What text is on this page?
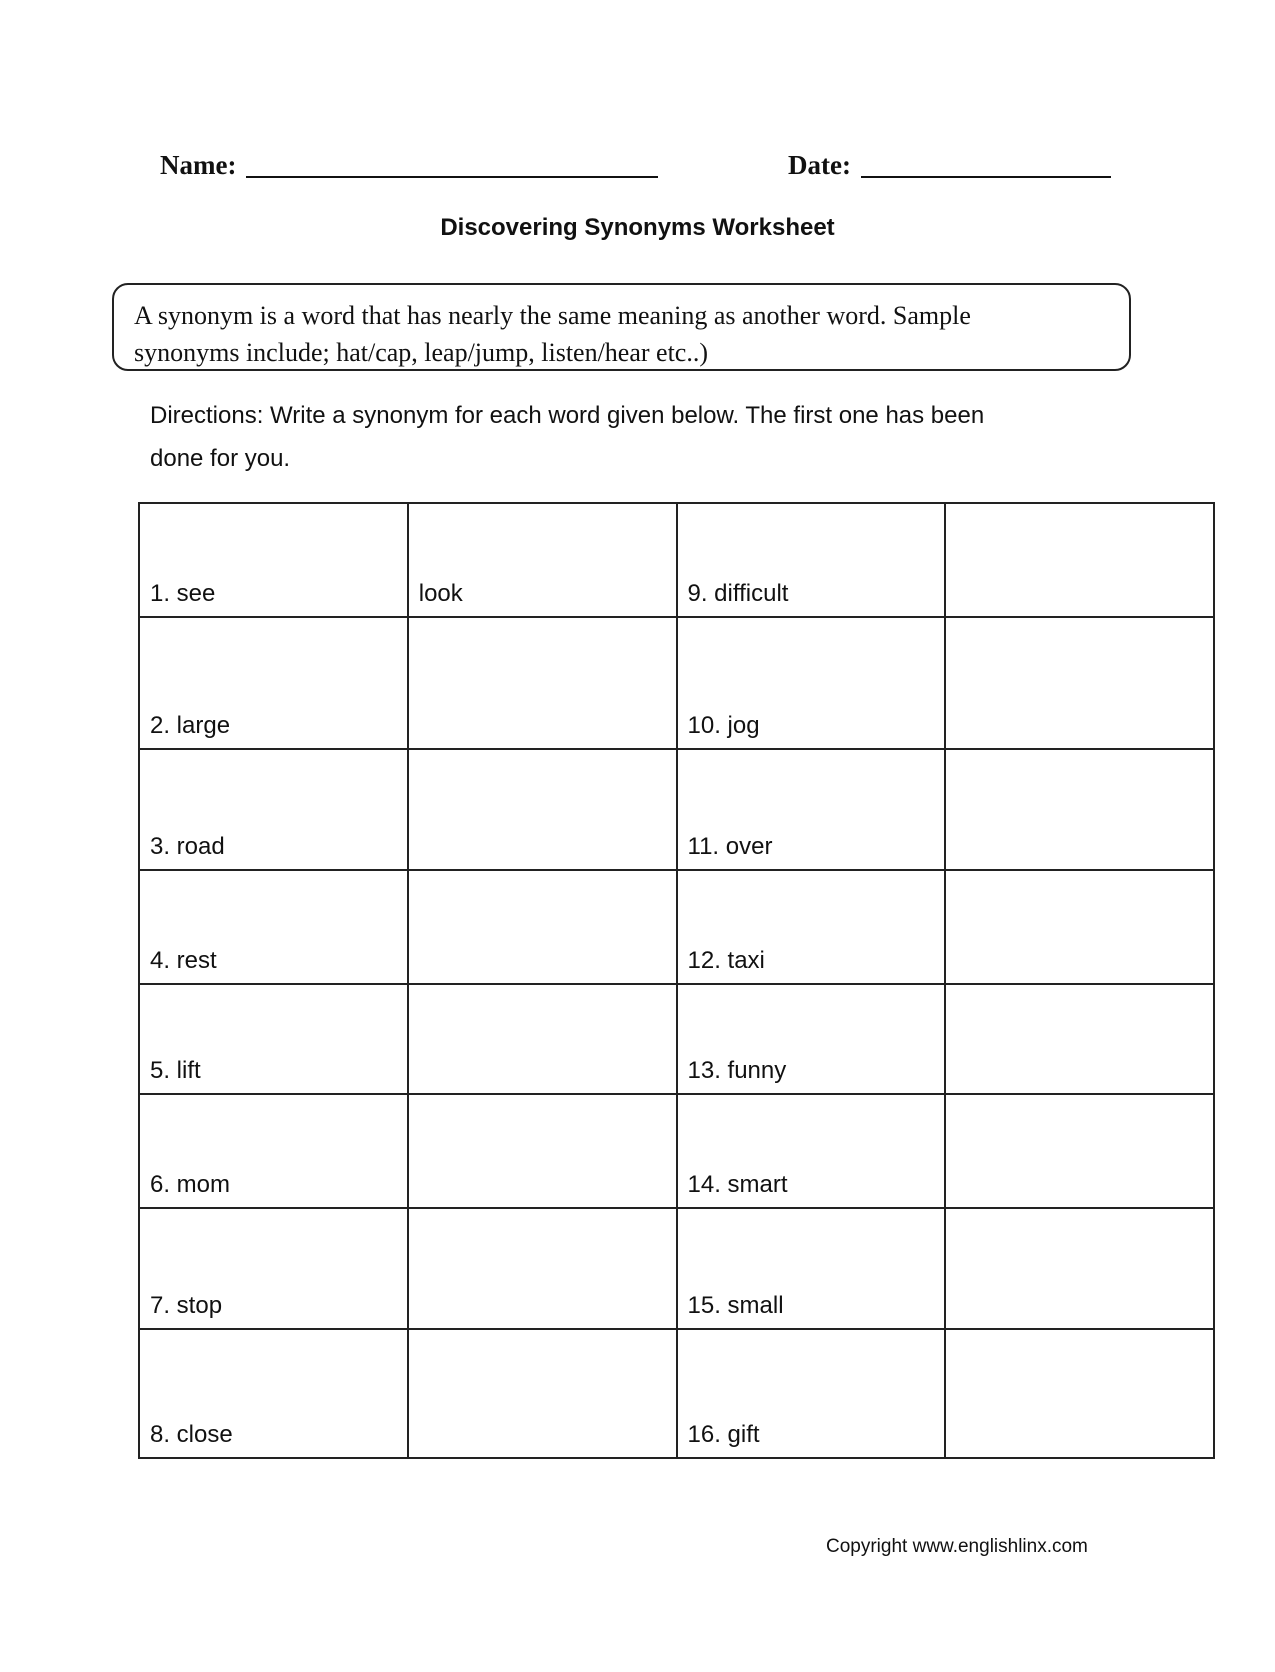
Name:	Date:
Discovering Synonyms Worksheet
A synonym is a word that has nearly the same meaning as another word. Sample
synonyms include; hat/cap, leap/jump, listen/hear etc..)
Directions: Write a synonym for each word given below. The first one has been
done for you.
1. see	look	9. difficult	
2. large		10. jog	
3. road		11. over	
4. rest		12. taxi	
5. lift		13. funny	
6. mom		14. smart	
7. stop		15. small	
8. close		16. gift	
Copyright www.englishlinx.com
